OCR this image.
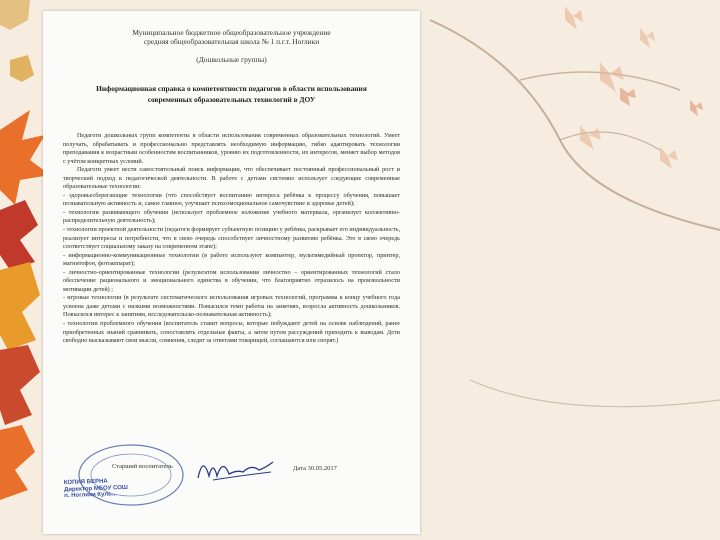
Муниципальное бюджетное общеобразовательное учреждение
средняя общеобразовательная школа № 1 п.г.т. Ноглики
(Дошкольные группы)
Информационная справка о компетентности педагогов в области использования
современных образовательных технологий в ДОУ

Педагоги дошкольных групп компетенты в области использования современных образовательных технологий. Умеет получать, обрабатывать и профессионально представлять необходимую информацию, гибко адаптировать технологии преподавания к возрастным особенностям воспитанников, уровню их подготовленности, их интересов, меняет выбор методов с учётом конкретных условий.

Педагоги умеет вести самостоятельный поиск информации, что обеспечивает постоянный профессиональный рост и творческий подход к педагогической деятельности. В работе с детьми системно использует следующие современные образовательные технологии:

- здоровьесберегающие технологии (что способствует воспитанию интереса ребёнка к процессу обучения, повышает познавательную активность и, самое главное, улучшает психоэмоциональное самочувствие и здоровье детей);

- технологии развивающего обучения (использует проблемное изложение учебного материала, организует коллективно-распределительную деятельность);

- технологии проектной деятельности (педагоги формирует субъектную позицию у ребёнка, раскрывает его индивидуальность, реализует интересы и потребности, что в свою очередь способствует личностному развитию ребёнка. Это в свою очередь соответствует социальному заказу на современном этапе);

- информационно-коммуникационные технологии (в работе используют компьютер, мультимедийный проектор, принтер, магнитофон, фотоаппарат);

- личностно-ориентированные технологии (результатом использования личностно – ориентированных технологий стало обеспечение рационального и эмоционального единства в обучении, что благоприятно отразилось на произвольности мотивации детей) ;

- игровые технологии (в результате систематического использования игровых технологий, программа к концу учебного года усвоена даже детьми с низкими возможностями. Повысился темп работы на занятиях, возросла активность дошкольников. Повысился интерес к занятиям, исследовательско-познавательная активность);

- технологии проблемного обучения (воспитатель ставит вопросы, которые побуждают детей на основе наблюдений, ранее приобретенных знаний сравнивать, сопоставлять отдельные факты, а затем путем рассуждений приходить к выводам. Дети свободно высказывают свои мысли, сомнения, следят за ответами товарищей, соглашаются или спорят.)

КОПИЯ ВЕРНА
Директор МБОУ СОШ
п. Ноглики Куль...
Старший воспитатель	Дата 30.05.2017
